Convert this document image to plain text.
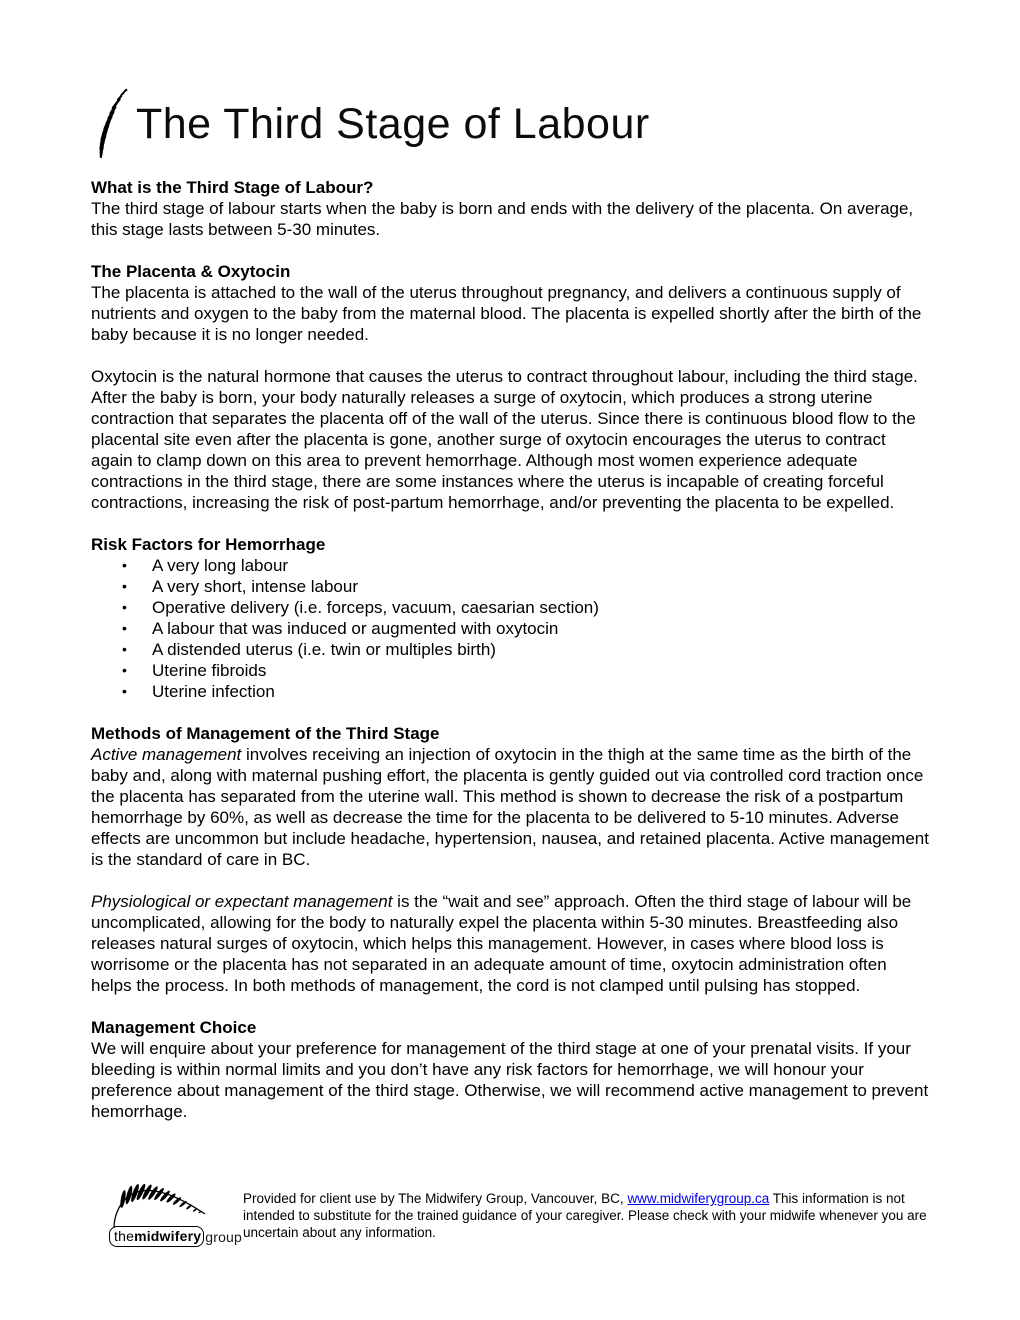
The Third Stage of Labour
What is the Third Stage of Labour?

The third stage of labour starts when the baby is born and ends with the delivery of the placenta. On average, this stage lasts between 5-30 minutes.

The Placenta & Oxytocin

The placenta is attached to the wall of the uterus throughout pregnancy, and delivers a continuous supply of nutrients and oxygen to the baby from the maternal blood. The placenta is expelled shortly after the birth of the baby because it is no longer needed.

Oxytocin is the natural hormone that causes the uterus to contract throughout labour, including the third stage. After the baby is born, your body naturally releases a surge of oxytocin, which produces a strong uterine contraction that separates the placenta off of the wall of the uterus. Since there is continuous blood flow to the placental site even after the placenta is gone, another surge of oxytocin encourages the uterus to contract again to clamp down on this area to prevent hemorrhage. Although most women experience adequate contractions in the third stage, there are some instances where the uterus is incapable of creating forceful contractions, increasing the risk of post-partum hemorrhage, and/or preventing the placenta to be expelled.

Risk Factors for Hemorrhage
• A very long labour
• A very short, intense labour
• Operative delivery (i.e. forceps, vacuum, caesarian section)
• A labour that was induced or augmented with oxytocin
• A distended uterus (i.e. twin or multiples birth)
• Uterine fibroids
• Uterine infection
Methods of Management of the Third Stage

Active management involves receiving an injection of oxytocin in the thigh at the same time as the birth of the baby and, along with maternal pushing effort, the placenta is gently guided out via controlled cord traction once the placenta has separated from the uterine wall. This method is shown to decrease the risk of a postpartum hemorrhage by 60%, as well as decrease the time for the placenta to be delivered to 5-10 minutes. Adverse effects are uncommon but include headache, hypertension, nausea, and retained placenta. Active management is the standard of care in BC.

Physiological or expectant management is the “wait and see” approach. Often the third stage of labour will be uncomplicated, allowing for the body to naturally expel the placenta within 5-30 minutes. Breastfeeding also releases natural surges of oxytocin, which helps this management. However, in cases where blood loss is worrisome or the placenta has not separated in an adequate amount of time, oxytocin administration often helps the process. In both methods of management, the cord is not clamped until pulsing has stopped.

Management Choice

We will enquire about your preference for management of the third stage at one of your prenatal visits. If your bleeding is within normal limits and you don’t have any risk factors for hemorrhage, we will honour your preference about management of the third stage. Otherwise, we will recommend active management to prevent hemorrhage.

themidwifery group
Provided for client use by The Midwifery Group, Vancouver, BC, www.midwiferygroup.ca This information is not intended to substitute for the trained guidance of your caregiver. Please check with your midwife whenever you are uncertain about any information.
